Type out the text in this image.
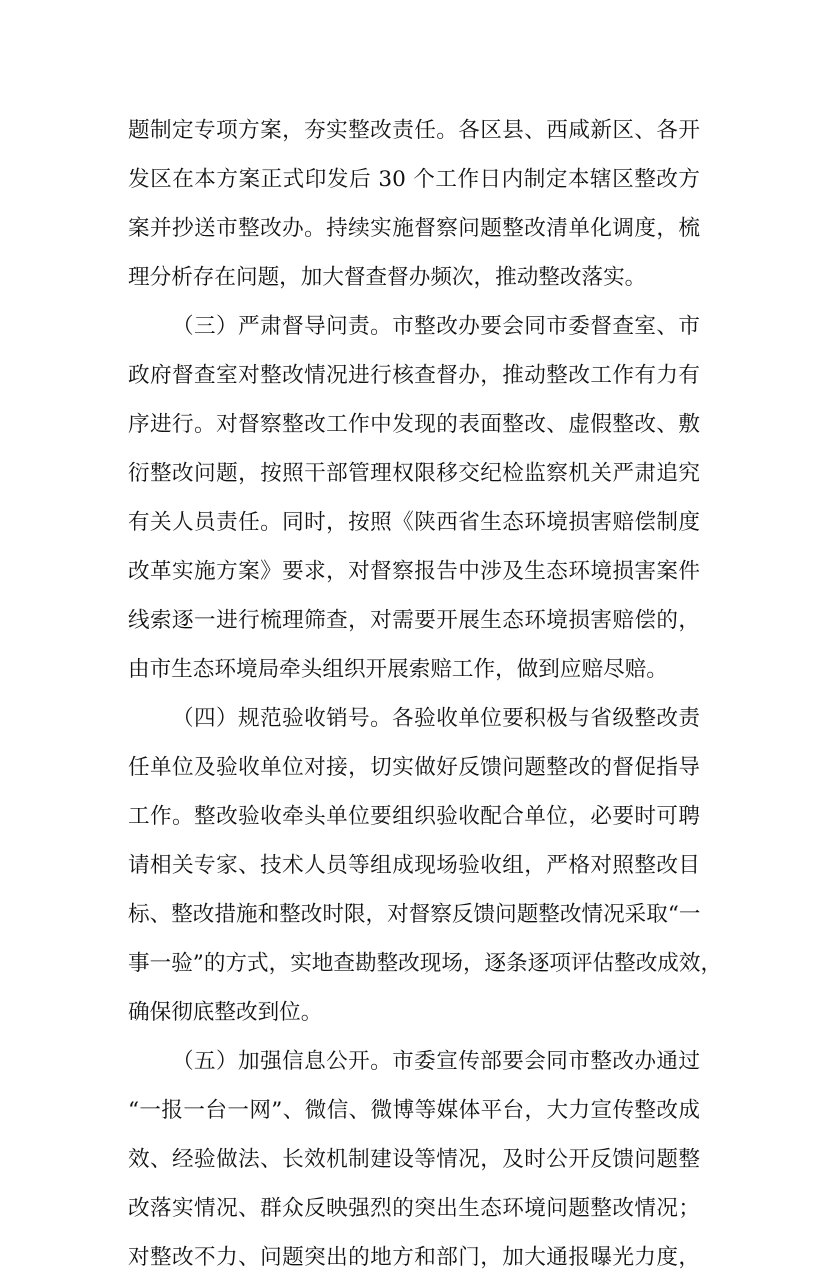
题制定专项方案，夯实整改责任。各区县、西咸新区、各开
发区在本方案正式印发后 30 个工作日内制定本辖区整改方
案并抄送市整改办。持续实施督察问题整改清单化调度，梳
理分析存在问题，加大督查督办频次，推动整改落实。
（三）严肃督导问责。市整改办要会同市委督查室、市
政府督查室对整改情况进行核查督办，推动整改工作有力有
序进行。对督察整改工作中发现的表面整改、虚假整改、敷
衍整改问题，按照干部管理权限移交纪检监察机关严肃追究
有关人员责任。同时，按照《陕西省生态环境损害赔偿制度
改革实施方案》要求，对督察报告中涉及生态环境损害案件
线索逐一进行梳理筛查，对需要开展生态环境损害赔偿的，
由市生态环境局牵头组织开展索赔工作，做到应赔尽赔。
（四）规范验收销号。各验收单位要积极与省级整改责
任单位及验收单位对接，切实做好反馈问题整改的督促指导
工作。整改验收牵头单位要组织验收配合单位，必要时可聘
请相关专家、技术人员等组成现场验收组，严格对照整改目
标、整改措施和整改时限，对督察反馈问题整改情况采取“一
事一验”的方式，实地查勘整改现场，逐条逐项评估整改成效，
确保彻底整改到位。
（五）加强信息公开。市委宣传部要会同市整改办通过
“一报一台一网”、微信、微博等媒体平台，大力宣传整改成
效、经验做法、长效机制建设等情况，及时公开反馈问题整
改落实情况、群众反映强烈的突出生态环境问题整改情况；
对整改不力、问题突出的地方和部门，加大通报曝光力度，
